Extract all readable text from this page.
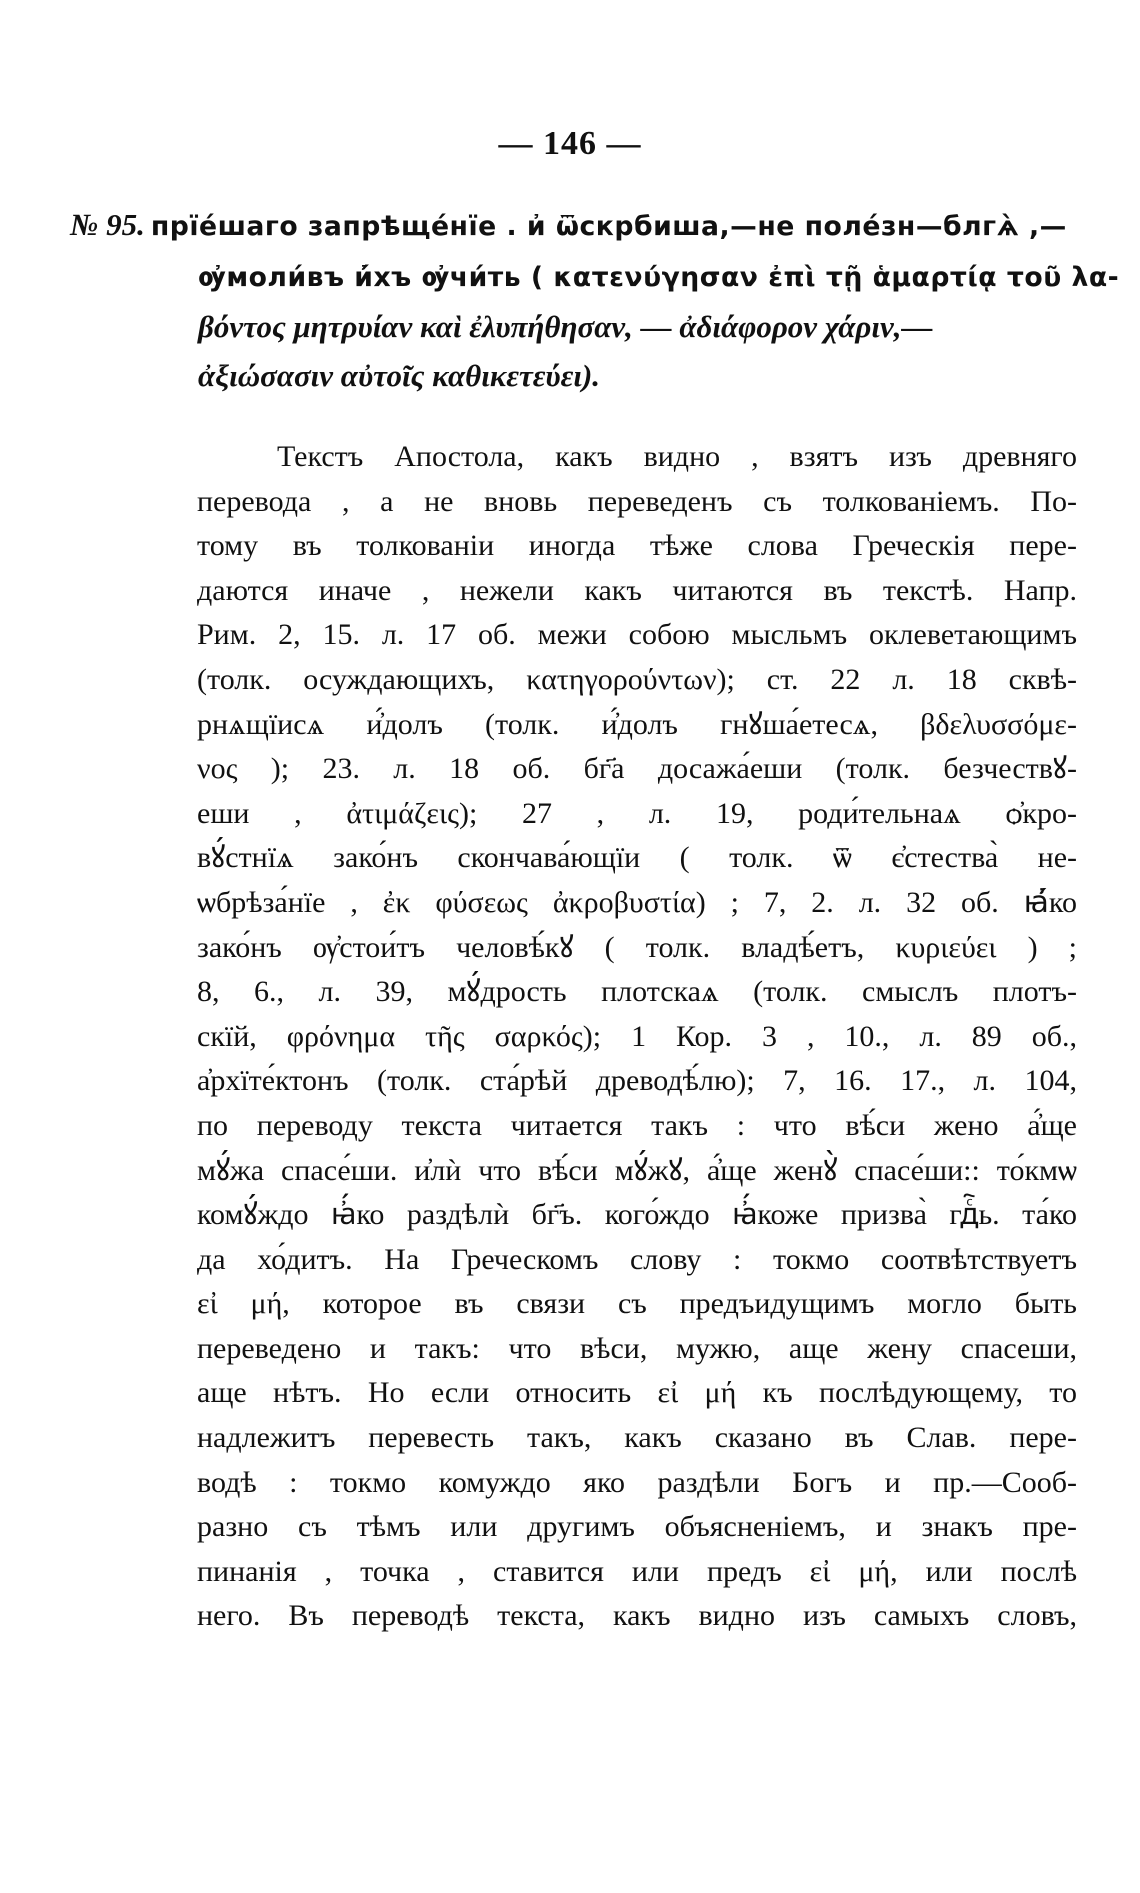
— 146 —
№ 95. прїе́шаго запрѣще́нїе . и҆ ѿскрбиша,—не поле́зн—блгѧ̀ ,—
ѹ҆моли́въ и҆́хъ ѹ҆чи́ть ( κατενύγησαν ἐπὶ τῇ ἁμαρτίᾳ τοῦ λα-
βόντος μητρυίαν καὶ ἐλυπήθησαν, — ἀδιάφορον χάριν,—
ἀξιώσασιν αὐτοῖς καθικετεύει).
Текстъ Апостола, какъ видно , взятъ изъ древняго
перевода , а не вновь переведенъ съ толкованіемъ. По-
тому въ толкованіи иногда тѣже слова Греческія пере-
даются иначе , нежели какъ читаются въ текстѣ. Напр.
Рим. 2, 15. л. 17 об. межи собою мысльмъ оклеветающимъ
(толк. осуждающихъ, κατηγορούντων); ст. 22 л. 18 сквѣ-
рнѧщїисѧ и҆́долъ (толк. и҆́долъ гнꙋша́етесѧ, βδελυσσόμε-
νος ); 23. л. 18 об. бг҃а досажа́еши (толк. безчествꙋ-
еши , ἀτιμάζεις); 27 , л. 19, роди́тельнаѧ ѻ҆кро-
вꙋ́стнїѧ зако́нъ скончава́ющїи ( толк. ѿ є҆стества̀ не-
ѡбрѣза́нїе , ἐκ φύσεως ἀκροβυστία) ; 7, 2. л. 32 об. ꙗ҆́ко
зако́нъ ѹ҆стои́тъ человѣ́кꙋ ( толк. владѣ́етъ, κυριεύει ) ;
8, 6., л. 39, мꙋ́дрость плотскаѧ (толк. смыслъ плотъ-
скїй, φρόνημα τῆς σαρκός); 1 Кор. 3 , 10., л. 89 об.,
а҆рхїте́ктонъ (толк. ста́рѣй древодѣ́лю); 7, 16. 17., л. 104,
по переводу текста читается такъ : что вѣ́си жено а҆́ще
мꙋ́жа спасе́ши. и҆лѝ что вѣ́си мꙋ́жꙋ, а҆́ще женꙋ̀ спасе́ши:: то́кмѡ
комꙋ́ждо ꙗ҆́ко раздѣлѝ бг҃ъ. кого́ждо ꙗ҆́коже призва̀ гдⷭ҇ь. та́ко
да хо́дитъ. На Греческомъ слову : токмо соотвѣтствуетъ
εἰ μή, которое въ связи съ предъидущимъ могло быть
переведено и такъ: что вѣси, мужю, аще жену спасеши,
аще нѣтъ. Но если относить εἰ μή къ послѣдующему, то
надлежитъ перевесть такъ, какъ сказано въ Слав. пере-
водѣ : токмо комуждо яко раздѣли Богъ и пр.—Сооб-
разно съ тѣмъ или другимъ объясненіемъ, и знакъ пре-
пинанія , точка , ставится или предъ εἰ μή, или послѣ
него. Въ переводѣ текста, какъ видно изъ самыхъ словъ,
